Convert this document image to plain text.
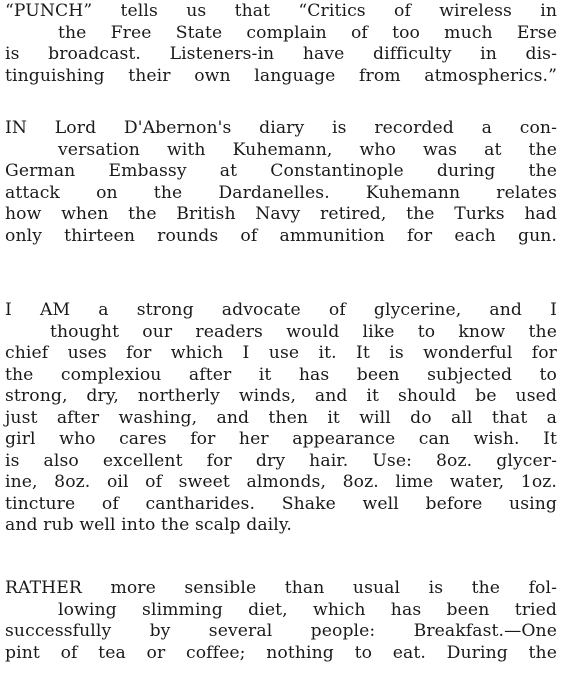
“PUNCH” tells us that “Critics of wireless in
the Free State complain of too much Erse
is broadcast. Listeners-in have difficulty in dis-
tinguishing their own language from atmospherics.”

IN Lord D'Abernon's diary is recorded a con-
versation with Kuhemann, who was at the
German Embassy at Constantinople during the
attack on the Dardanelles. Kuhemann relates
how when the British Navy retired, the Turks had
only thirteen rounds of ammunition for each gun.

I AM a strong advocate of glycerine, and I
thought our readers would like to know the
chief uses for which I use it. It is wonderful for
the complexiou after it has been subjected to
strong, dry, northerly winds, and it should be used
just after washing, and then it will do all that a
girl who cares for her appearance can wish. It
is also excellent for dry hair. Use: 8oz. glycer-
ine, 8oz. oil of sweet almonds, 8oz. lime water, 1oz.
tincture of cantharides. Shake well before using
and rub well into the scalp daily.

RATHER more sensible than usual is the fol-
lowing slimming diet, which has been tried
successfully by several people: Breakfast.—One
pint of tea or coffee; nothing to eat. During the
